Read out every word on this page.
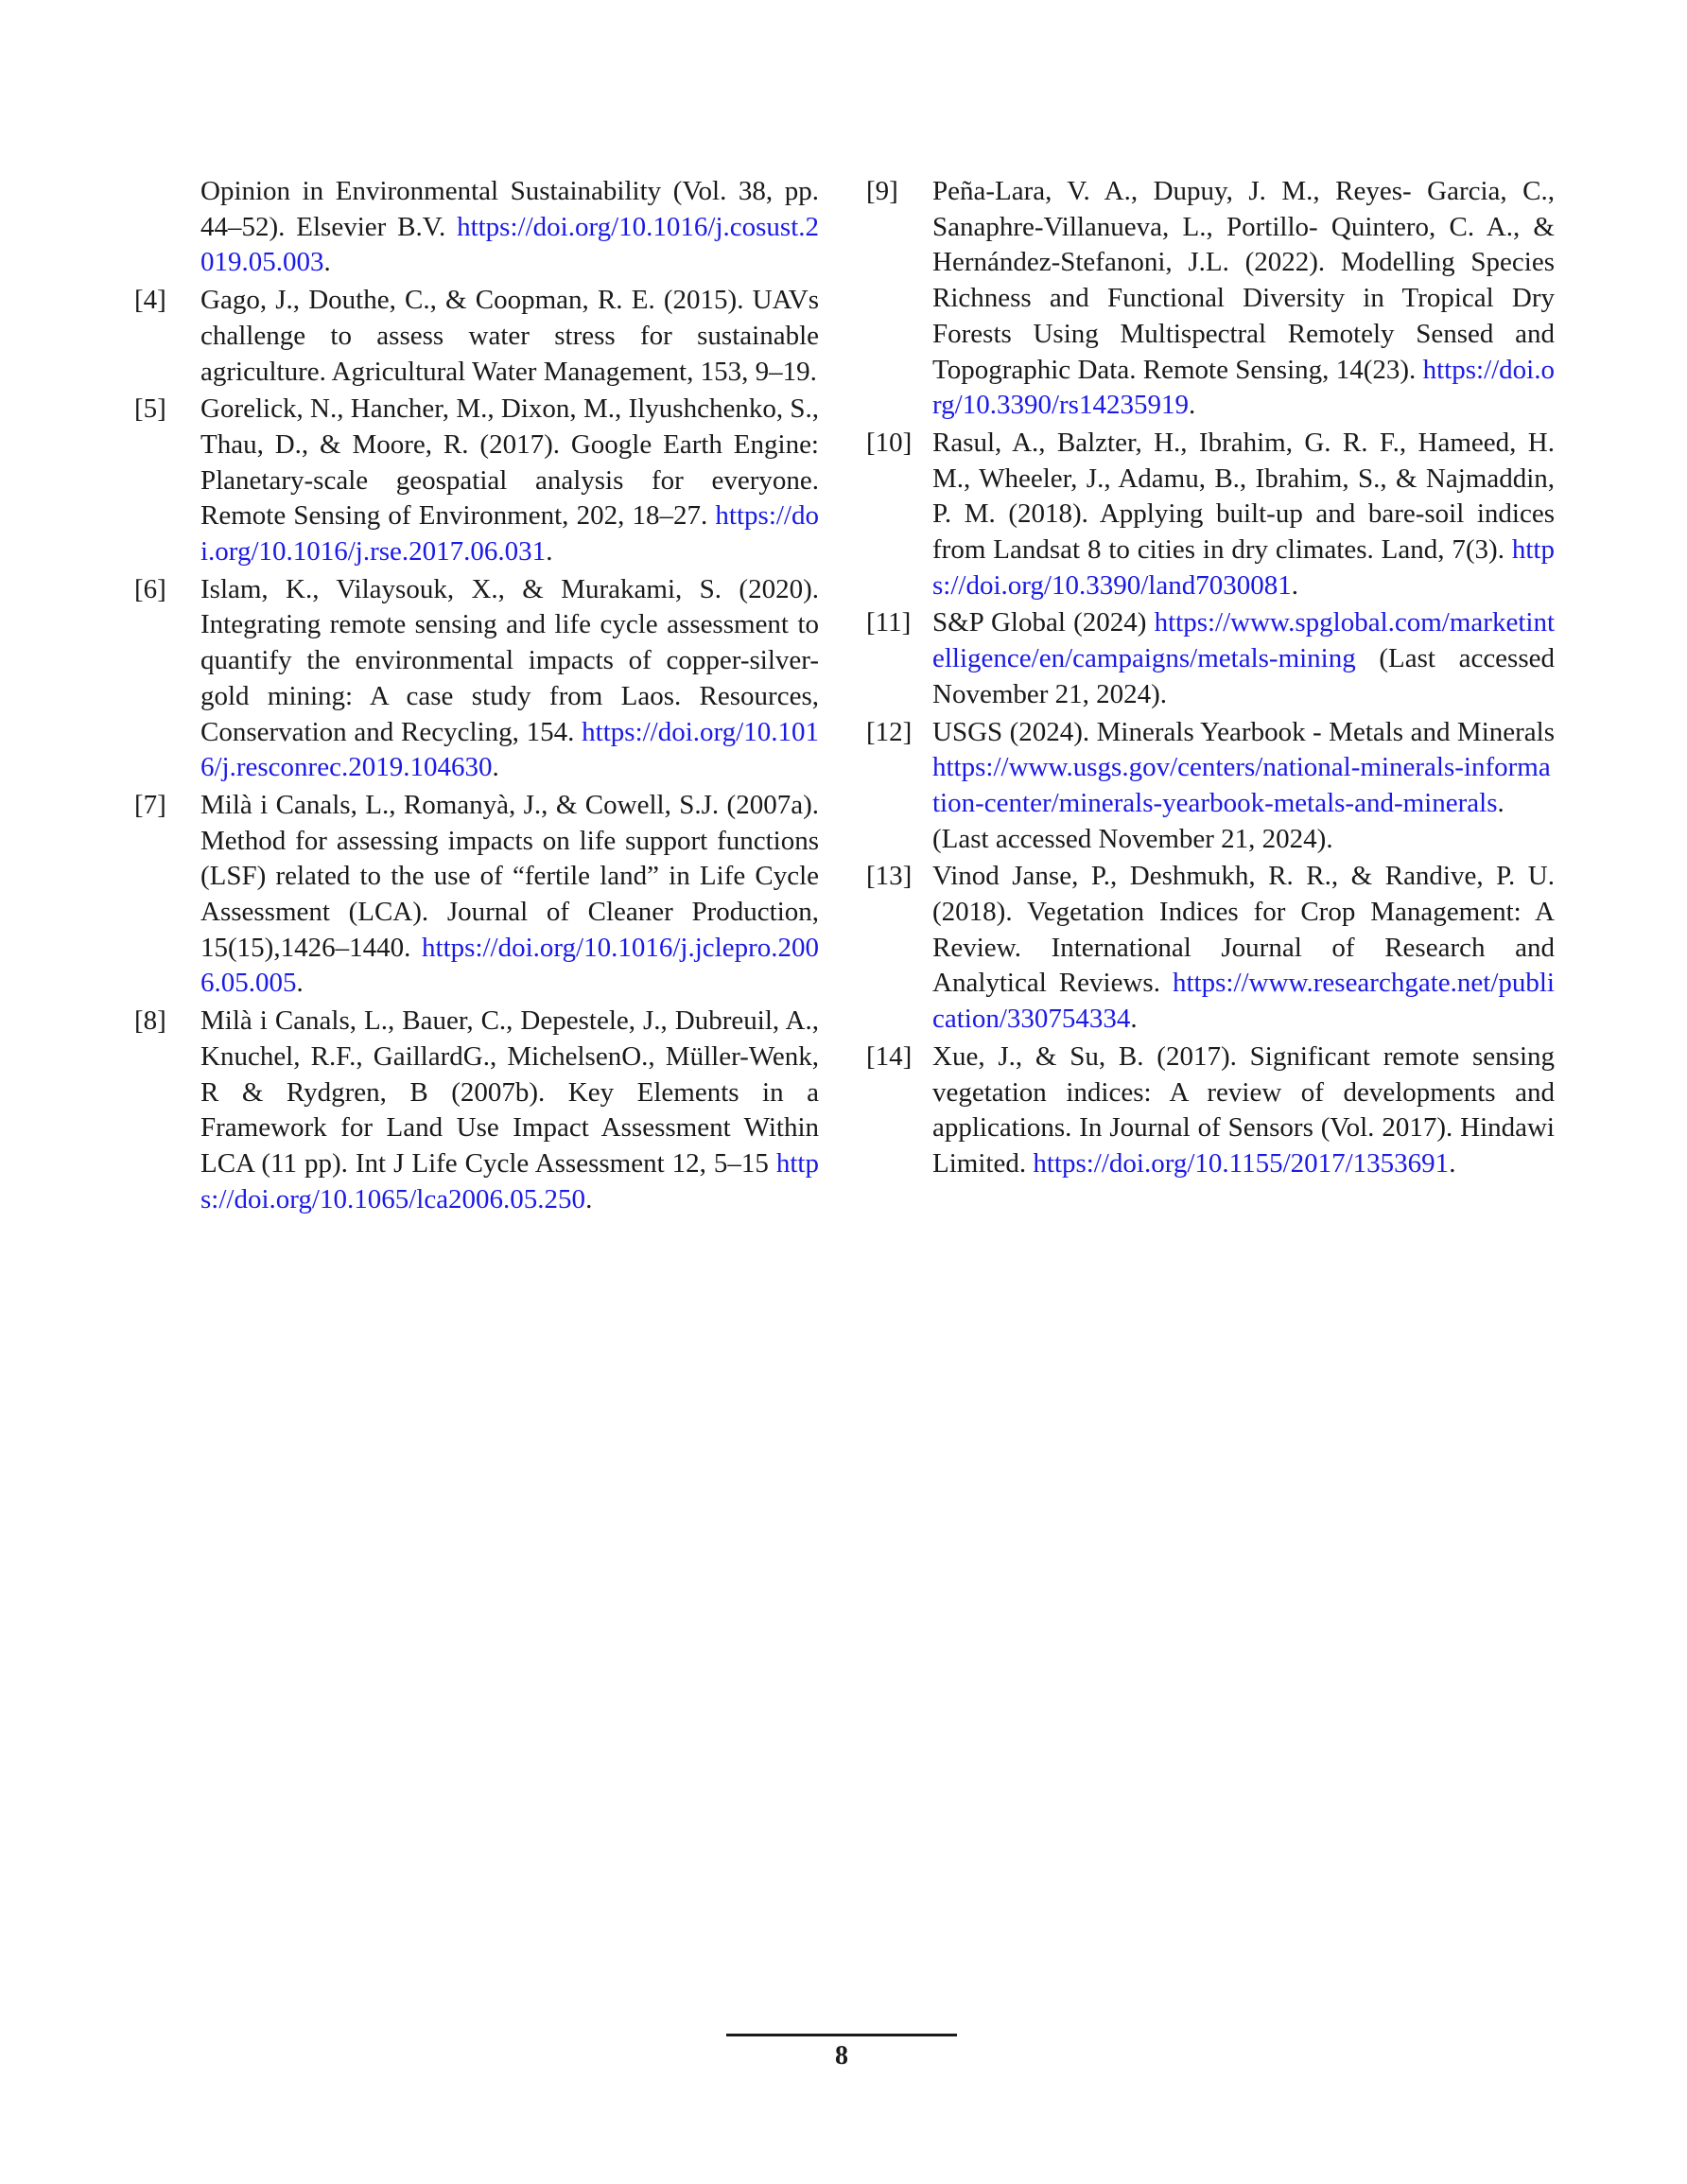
Opinion in Environmental Sustainability (Vol. 38, pp. 44–52). Elsevier B.V. https://doi.org/10.1016/j.cosust.2019.05.003.
[4]	Gago, J., Douthe, C., & Coopman, R. E. (2015). UAVs challenge to assess water stress for sustainable agriculture. Agricultural Water Management, 153, 9–19.
[5]	Gorelick, N., Hancher, M., Dixon, M., Ilyushchenko, S., Thau, D., & Moore, R. (2017). Google Earth Engine: Planetary-scale geospatial analysis for everyone. Remote Sensing of Environment, 202, 18–27. https://doi.org/10.1016/j.rse.2017.06.031.
[6]	Islam, K., Vilaysouk, X., & Murakami, S. (2020). Integrating remote sensing and life cycle assessment to quantify the environmental impacts of copper-silver-gold mining: A case study from Laos. Resources, Conservation and Recycling, 154. https://doi.org/10.1016/j.resconrec.2019.104630.
[7]	Milà i Canals, L., Romanyà, J., & Cowell, S.J. (2007a). Method for assessing impacts on life support functions (LSF) related to the use of “fertile land” in Life Cycle Assessment (LCA). Journal of Cleaner Production, 15(15),1426–1440. https://doi.org/10.1016/j.jclepro.2006.05.005.
[8]	Milà i Canals, L., Bauer, C., Depestele, J., Dubreuil, A., Knuchel, R.F., GaillardG., MichelsenO., Müller-Wenk, R & Rydgren, B (2007b). Key Elements in a Framework for Land Use Impact Assessment Within LCA (11 pp). Int J Life Cycle Assessment 12, 5–15 https://doi.org/10.1065/lca2006.05.250.
[9]	Peña-Lara, V. A., Dupuy, J. M., Reyes- Garcia, C., Sanaphre-Villanueva, L., Portillo- Quintero, C. A., & Hernández-Stefanoni, J.L. (2022). Modelling Species Richness and Functional Diversity in Tropical Dry Forests Using Multispectral Remotely Sensed and Topographic Data. Remote Sensing, 14(23). https://doi.org/10.3390/rs14235919.
[10] Rasul, A., Balzter, H., Ibrahim, G. R. F., Hameed, H. M., Wheeler, J., Adamu, B., Ibrahim, S., & Najmaddin, P. M. (2018). Applying built-up and bare-soil indices from Landsat 8 to cities in dry climates. Land, 7(3). https://doi.org/10.3390/land7030081.
[11] S&P Global (2024) https://www.spglobal.com/marketintelligence/en/campaigns/metals-mining (Last accessed November 21, 2024).
[12] USGS (2024). Minerals Yearbook - Metals and Minerals https://www.usgs.gov/centers/national-minerals-information-center/minerals-yearbook-metals-and-minerals. (Last accessed November 21, 2024).
[13] Vinod Janse, P., Deshmukh, R. R., & Randive, P. U. (2018). Vegetation Indices for Crop Management: A Review. International Journal of Research and Analytical Reviews. https://www.researchgate.net/publication/330754334.
[14] Xue, J., & Su, B. (2017). Significant remote sensing vegetation indices: A review of developments and applications. In Journal of Sensors (Vol. 2017). Hindawi Limited. https://doi.org/10.1155/2017/1353691.
8
